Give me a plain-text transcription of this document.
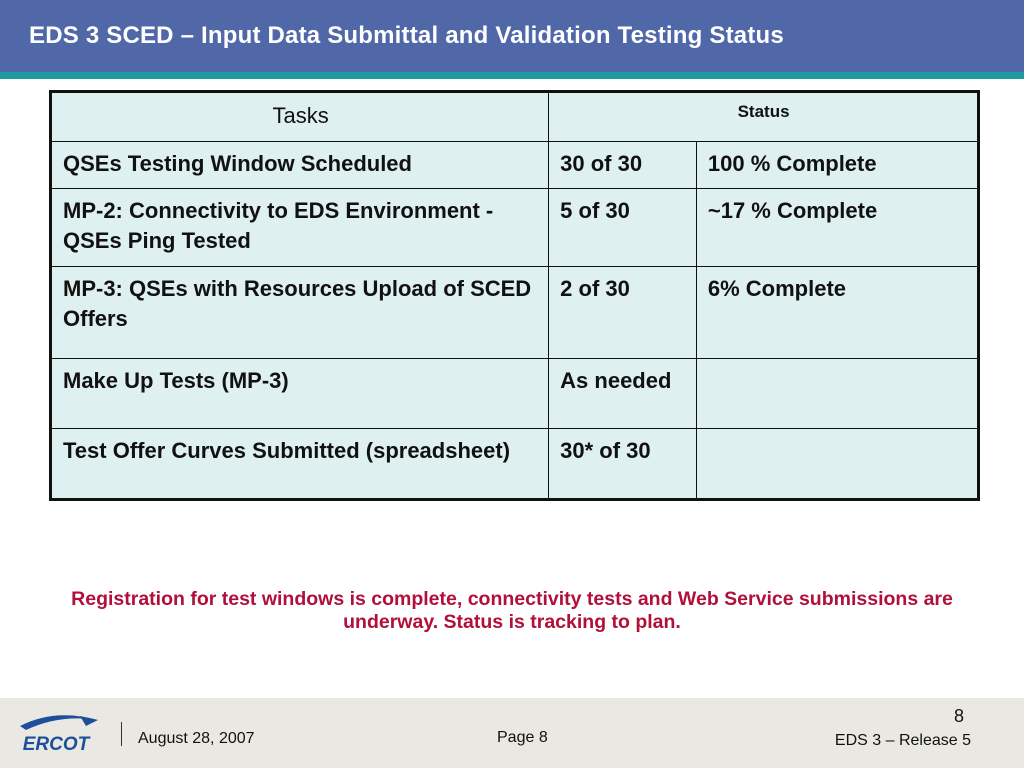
EDS 3 SCED – Input Data Submittal and Validation Testing Status
Tasks	Status	
QSEs Testing Window Scheduled	30 of 30	100 % Complete
MP-2: Connectivity to EDS Environment - QSEs Ping Tested	5 of 30	~17 % Complete
MP-3: QSEs with Resources Upload of SCED Offers	2 of 30	6% Complete
Make Up Tests (MP-3)	As needed	
Test Offer Curves Submitted (spreadsheet)	30* of 30	
Registration for test windows is complete, connectivity tests and Web Service submissions are underway. Status is tracking to plan.
ERCOT	August 28, 2007	Page 8
8
EDS 3 – Release 5
